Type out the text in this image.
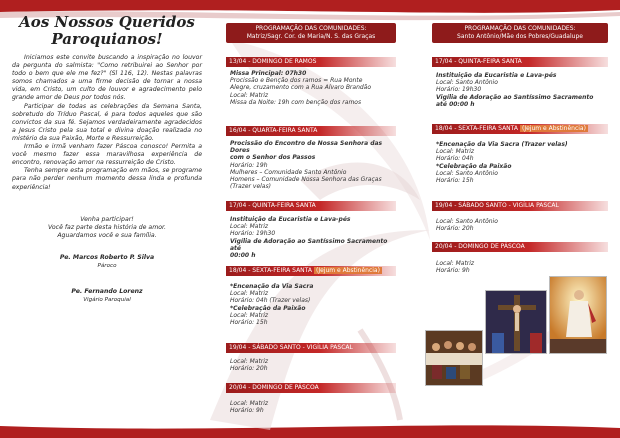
Aos Nossos Queridos Paroquianos!

Iniciamos este convite buscando a inspiração no louvor da pergunta do salmista: "Como retribuirei ao Senhor por todo o bem que ele me fez?" (Sl 116, 12). Nestas palavras somos chamados a uma firme decisão de tornar a nossa vida, em Cristo, um culto de louvor e agradecimento pelo grande amor de Deus por todos nós.

Participar de todas as celebrações da Semana Santa, sobretudo do Tríduo Pascal, é para todos aqueles que são convictos da sua fé. Sejamos verdadeiramente agradecidos a Jesus Cristo pela sua total e divina doação realizada no mistério da sua Paixão, Morte e Ressurreição.

Irmão e irmã venham fazer Páscoa conosco! Permita a você mesmo fazer essa maravilhosa experiência de encontro, renovação amor na ressurreição de Cristo.

Tenha sempre esta programação em mãos, se programe para não perder nenhum momento dessa linda e profunda experiência!

Venha participar!
Você faz parte desta história de amor.
Aguardamos você e sua família.
Pe. Marcos Roberto P. Silva
Pároco
Pe. Fernando Lorenz
Vigário Paroquial
PROGRAMAÇÃO DAS COMUNIDADES:
Matriz/Sagr. Cor. de Maria/N. S. das Graças
13/04 - DOMINGO DE RAMOS
Missa Principal: 07h30
Procissão e Benção dos ramos = Rua Monte
Alegre, cruzamento com a Rua Alvaro Brandão
Local: Matriz
Missa da Noite: 19h com benção dos ramos
16/04 - QUARTA-FEIRA SANTA
Procissão do Encontro de Nossa Senhora das Dores
com o Senhor dos Passos
Horário: 19h
Mulheres – Comunidade Santo Antônio
Homens – Comunidade Nossa Senhora das Graças
(Trazer velas)
17/04 - QUINTA-FEIRA SANTA
Instituição da Eucaristia e Lava-pés
Local: Matriz
Horário: 19h30
Vigília de Adoração ao Santíssimo Sacramento até
00:00 h
18/04 - SEXTA-FEIRA SANTA (Jejum e Abstinência)
*Encenação da Via Sacra
Local: Matriz
Horário: 04h (Trazer velas)
*Celebração da Paixão
Local: Matriz
Horário: 15h
19/04 - SÁBADO SANTO - VIGÍLIA PASCAL
Local: Matriz
Horário: 20h
20/04 - DOMINGO DE PÁSCOA
Local: Matriz
Horário: 9h
PROGRAMAÇÃO DAS COMUNIDADES:
Santo Antônio/Mãe dos Pobres/Guadalupe
17/04 - QUINTA-FEIRA SANTA
Instituição da Eucaristia e Lava-pés
Local: Santo Antônio
Horário: 19h30
Vigília de Adoração ao Santíssimo Sacramento
até 00:00 h
18/04 - SEXTA-FEIRA SANTA (Jejum e Abstinência)
*Encenação da Via Sacra (Trazer velas)
Local: Matriz
Horário: 04h
*Celebração da Paixão
Local: Santo Antônio
Horário: 15h
19/04 - SÁBADO SANTO - VIGÍLIA PASCAL
Local: Santo Antônio
Horário: 20h
20/04 - DOMINGO DE PÁSCOA
Local: Matriz
Horário: 9h
